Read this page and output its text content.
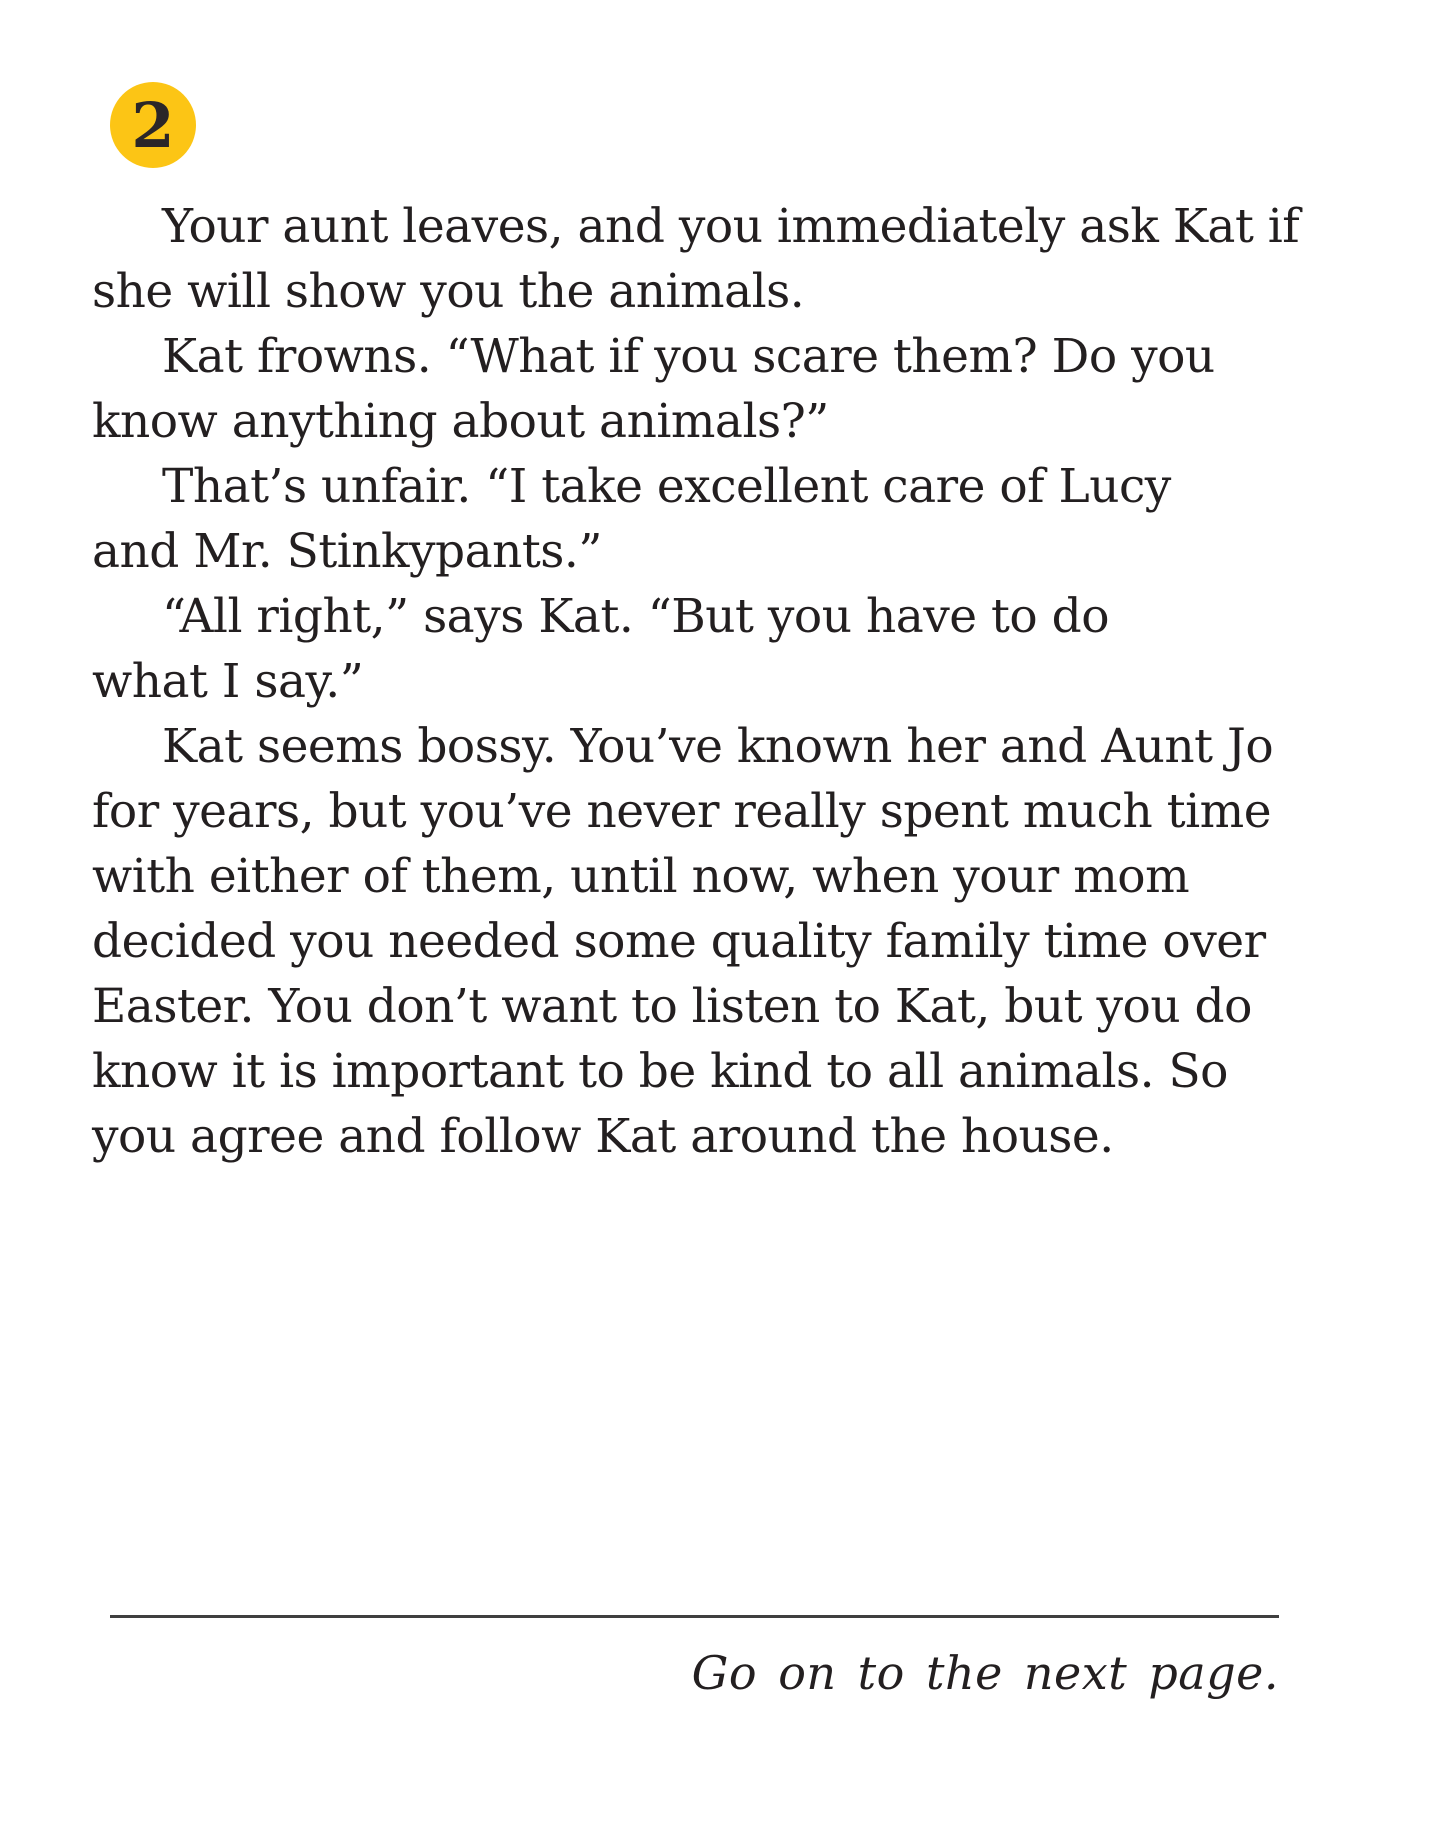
2
Your aunt leaves, and you immediately ask Kat if
she will show you the animals.
Kat frowns. “What if you scare them? Do you
know anything about animals?”
That’s unfair. “I take excellent care of Lucy
and Mr. Stinkypants.”
“All right,” says Kat. “But you have to do
what I say.”
Kat seems bossy. You’ve known her and Aunt Jo
for years, but you’ve never really spent much time
with either of them, until now, when your mom
decided you needed some quality family time over
Easter. You don’t want to listen to Kat, but you do
know it is important to be kind to all animals. So
you agree and follow Kat around the house.
Go on to the next page.
